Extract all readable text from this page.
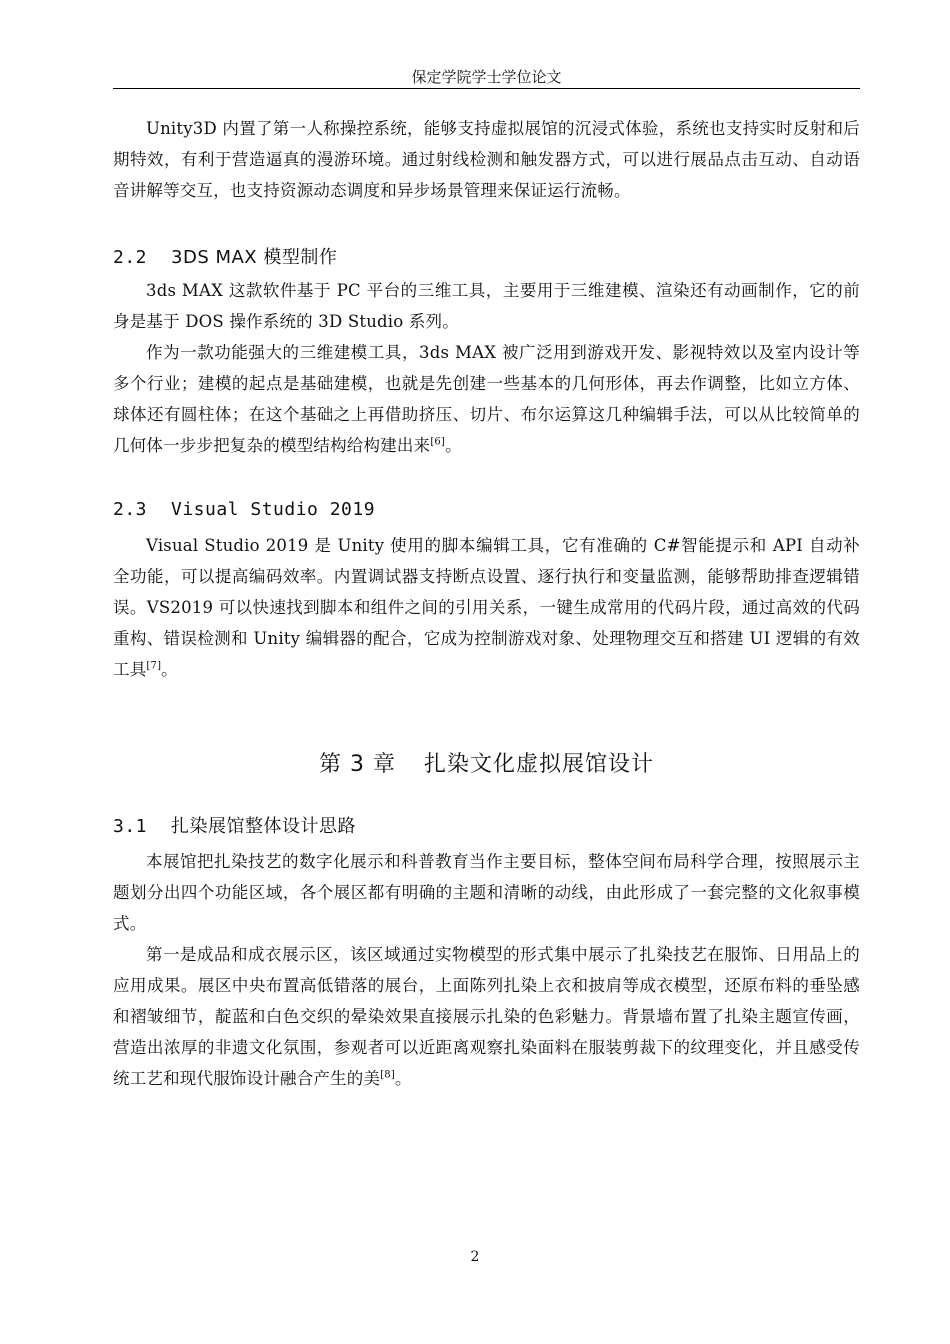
保定学院学士学位论文

Unity3D 内置了第一人称操控系统，能够支持虚拟展馆的沉浸式体验，系统也支持实时反射和后期特效，有利于营造逼真的漫游环境。通过射线检测和触发器方式，可以进行展品点击互动、自动语音讲解等交互，也支持资源动态调度和异步场景管理来保证运行流畅。

2.2 3DS MAX 模型制作

3ds MAX 这款软件基于 PC 平台的三维工具，主要用于三维建模、渲染还有动画制作，它的前身是基于 DOS 操作系统的 3D Studio 系列。

作为一款功能强大的三维建模工具，3ds MAX 被广泛用到游戏开发、影视特效以及室内设计等多个行业；建模的起点是基础建模，也就是先创建一些基本的几何形体，再去作调整，比如立方体、球体还有圆柱体；在这个基础之上再借助挤压、切片、布尔运算这几种编辑手法，可以从比较简单的几何体一步步把复杂的模型结构给构建出来[6]。

2.3 Visual Studio 2019

Visual Studio 2019 是 Unity 使用的脚本编辑工具，它有准确的 C#智能提示和 API 自动补全功能，可以提高编码效率。内置调试器支持断点设置、逐行执行和变量监测，能够帮助排查逻辑错误。VS2019 可以快速找到脚本和组件之间的引用关系，一键生成常用的代码片段，通过高效的代码重构、错误检测和 Unity 编辑器的配合，它成为控制游戏对象、处理物理交互和搭建 UI 逻辑的有效工具[7]。

第 3 章 扎染文化虚拟展馆设计
3.1 扎染展馆整体设计思路

本展馆把扎染技艺的数字化展示和科普教育当作主要目标，整体空间布局科学合理，按照展示主题划分出四个功能区域，各个展区都有明确的主题和清晰的动线，由此形成了一套完整的文化叙事模式。

第一是成品和成衣展示区，该区域通过实物模型的形式集中展示了扎染技艺在服饰、日用品上的应用成果。展区中央布置高低错落的展台，上面陈列扎染上衣和披肩等成衣模型，还原布料的垂坠感和褶皱细节，靛蓝和白色交织的晕染效果直接展示扎染的色彩魅力。背景墙布置了扎染主题宣传画，营造出浓厚的非遗文化氛围，参观者可以近距离观察扎染面料在服装剪裁下的纹理变化，并且感受传统工艺和现代服饰设计融合产生的美[8]。

2
